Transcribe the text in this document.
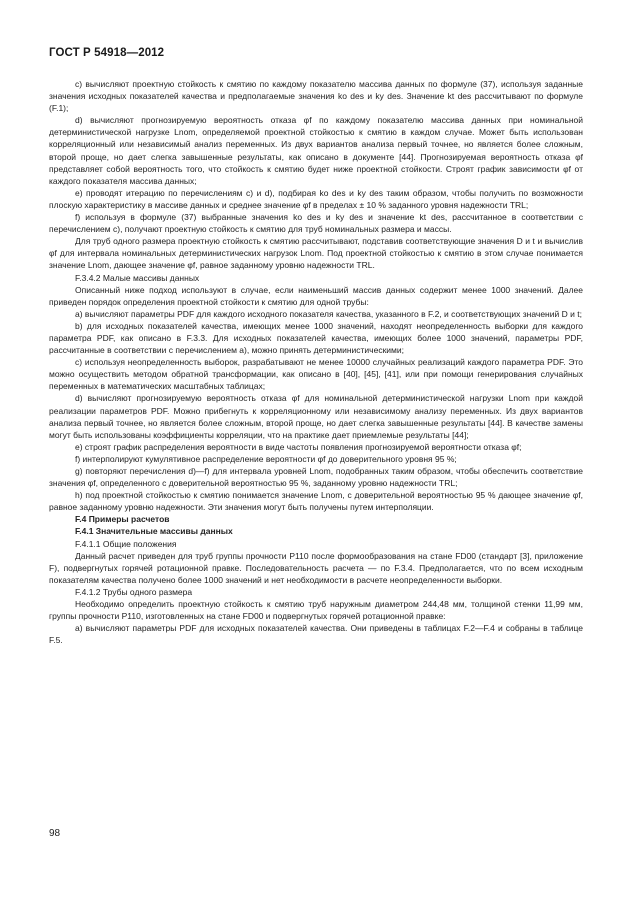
ГОСТ Р 54918—2012

c) вычисляют проектную стойкость к смятию по каждому показателю массива данных по формуле (37), используя заданные значения исходных показателей качества и предполагаемые значения kо des и ky des. Значение kt des рассчитывают по формуле (F.1);

d) вычисляют прогнозируемую вероятность отказа φf по каждому показателю массива данных при номинальной детерминистической нагрузке Lnom, определяемой проектной стойкостью к смятию в каждом случае. Может быть использован корреляционный или независимый анализ переменных. Из двух вариантов анализа первый точнее, но является более сложным, второй проще, но дает слегка завышенные результаты, как описано в документе [44]. Прогнозируемая вероятность отказа φf представляет собой вероятность того, что стойкость к смятию будет ниже проектной стойкости. Строят график зависимости φf от каждого показателя массива данных;

e) проводят итерацию по перечислениям c) и d), подбирая kо des и ky des таким образом, чтобы получить по возможности плоскую характеристику в массиве данных и среднее значение φf в пределах ± 10 % заданного уровня надежности TRL;

f) используя в формуле (37) выбранные значения kо des и ky des и значение kt des, рассчитанное в соответствии с перечислением c), получают проектную стойкость к смятию для труб номинальных размера и массы.

Для труб одного размера проектную стойкость к смятию рассчитывают, подставив соответствующие значения D и t и вычислив φf для интервала номинальных детерминистических нагрузок Lnom. Под проектной стойкостью к смятию в этом случае понимается значение Lnom, дающее значение φf, равное заданному уровню надежности TRL.

F.3.4.2 Малые массивы данных

Описанный ниже подход используют в случае, если наименьший массив данных содержит менее 1000 значений. Далее приведен порядок определения проектной стойкости к смятию для одной трубы:

a) вычисляют параметры PDF для каждого исходного показателя качества, указанного в F.2, и соответствующих значений D и t;

b) для исходных показателей качества, имеющих менее 1000 значений, находят неопределенность выборки для каждого параметра PDF, как описано в F.3.3. Для исходных показателей качества, имеющих более 1000 значений, параметры PDF, рассчитанные в соответствии с перечислением a), можно принять детерминистическими;

c) используя неопределенность выборок, разрабатывают не менее 10000 случайных реализаций каждого параметра PDF. Это можно осуществить методом обратной трансформации, как описано в [40], [45], [41], или при помощи генерирования случайных переменных в математических масштабных таблицах;

d) вычисляют прогнозируемую вероятность отказа φf для номинальной детерминистической нагрузки Lnom при каждой реализации параметров PDF. Можно прибегнуть к корреляционному или независимому анализу переменных. Из двух вариантов анализа первый точнее, но является более сложным, второй проще, но дает слегка завышенные результаты [44]. В качестве замены могут быть использованы коэффициенты корреляции, что на практике дает приемлемые результаты [44];

e) строят график распределения вероятности в виде частоты появления прогнозируемой вероятности отказа φf;

f) интерполируют кумулятивное распределение вероятности φf до доверительного уровня 95 %;

g) повторяют перечисления d)—f) для интервала уровней Lnom, подобранных таким образом, чтобы обеспечить соответствие значения φf, определенного с доверительной вероятностью 95 %, заданному уровню надежности TRL;

h) под проектной стойкостью к смятию понимается значение Lnom, с доверительной вероятностью 95 % дающее значение φf, равное заданному уровню надежности. Эти значения могут быть получены путем интерполяции.

F.4 Примеры расчетов

F.4.1 Значительные массивы данных

F.4.1.1 Общие положения

Данный расчет приведен для труб группы прочности P110 после формообразования на стане FD00 (стандарт [3], приложение F), подвергнутых горячей ротационной правке. Последовательность расчета — по F.3.4. Предполагается, что по всем исходным показателям качества получено более 1000 значений и нет необходимости в расчете неопределенности выборки.

F.4.1.2 Трубы одного размера

Необходимо определить проектную стойкость к смятию труб наружным диаметром 244,48 мм, толщиной стенки 11,99 мм, группы прочности P110, изготовленных на стане FD00 и подвергнутых горячей ротационной правке:

a) вычисляют параметры PDF для исходных показателей качества. Они приведены в таблицах F.2—F.4 и собраны в таблице F.5.

98
